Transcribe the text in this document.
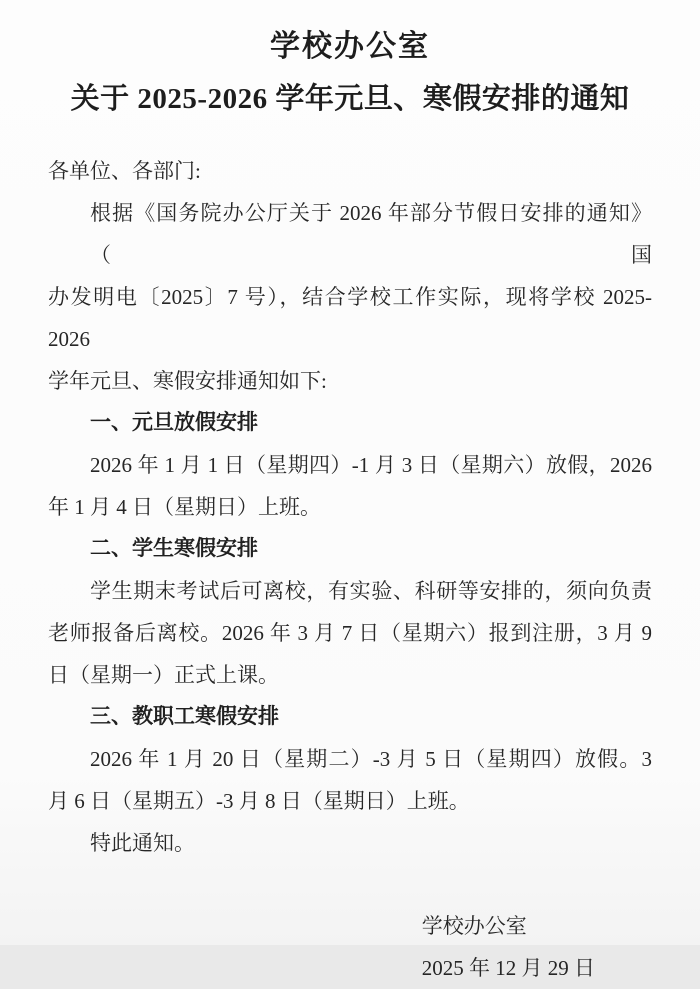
学校办公室
关于 2025-2026 学年元旦、寒假安排的通知
各单位、各部门:
根据《国务院办公厅关于 2026 年部分节假日安排的通知》（国
办发明电〔2025〕7 号），结合学校工作实际，现将学校 2025-2026
学年元旦、寒假安排通知如下:
一、元旦放假安排
2026 年 1 月 1 日（星期四）-1 月 3 日（星期六）放假，2026
年 1 月 4 日（星期日）上班。
二、学生寒假安排
学生期末考试后可离校，有实验、科研等安排的，须向负责
老师报备后离校。2026 年 3 月 7 日（星期六）报到注册，3 月 9
日（星期一）正式上课。
三、教职工寒假安排
2026 年 1 月 20 日（星期二）-3 月 5 日（星期四）放假。3
月 6 日（星期五）-3 月 8 日（星期日）上班。
特此通知。
学校办公室
2025 年 12 月 29 日
